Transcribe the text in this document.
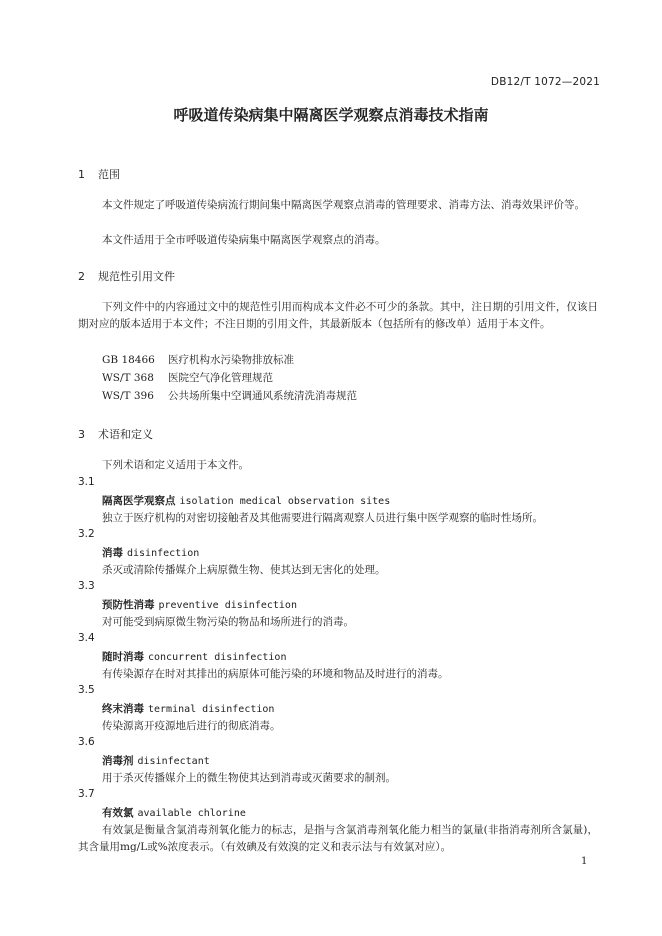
DB12/T 1072—2021
呼吸道传染病集中隔离医学观察点消毒技术指南
1 范围
本文件规定了呼吸道传染病流行期间集中隔离医学观察点消毒的管理要求、消毒方法、消毒效果评价等。
本文件适用于全市呼吸道传染病集中隔离医学观察点的消毒。
2 规范性引用文件
下列文件中的内容通过文中的规范性引用而构成本文件必不可少的条款。其中，注日期的引用文件，仅该日期对应的版本适用于本文件；不注日期的引用文件，其最新版本（包括所有的修改单）适用于本文件。
GB 18466 医疗机构水污染物排放标准
WS/T 368 医院空气净化管理规范
WS/T 396 公共场所集中空调通风系统清洗消毒规范
3 术语和定义
下列术语和定义适用于本文件。
3.1
隔离医学观察点 isolation medical observation sites
独立于医疗机构的对密切接触者及其他需要进行隔离观察人员进行集中医学观察的临时性场所。
3.2
消毒 disinfection
杀灭或清除传播媒介上病原微生物、使其达到无害化的处理。
3.3
预防性消毒 preventive disinfection
对可能受到病原微生物污染的物品和场所进行的消毒。
3.4
随时消毒 concurrent disinfection
有传染源存在时对其排出的病原体可能污染的环境和物品及时进行的消毒。
3.5
终末消毒 terminal disinfection
传染源离开疫源地后进行的彻底消毒。
3.6
消毒剂 disinfectant
用于杀灭传播媒介上的微生物使其达到消毒或灭菌要求的制剂。
3.7
有效氯 available chlorine
有效氯是衡量含氯消毒剂氧化能力的标志，是指与含氯消毒剂氧化能力相当的氯量(非指消毒剂所含氯量)，其含量用mg/L或%浓度表示。（有效碘及有效溴的定义和表示法与有效氯对应）。
1
